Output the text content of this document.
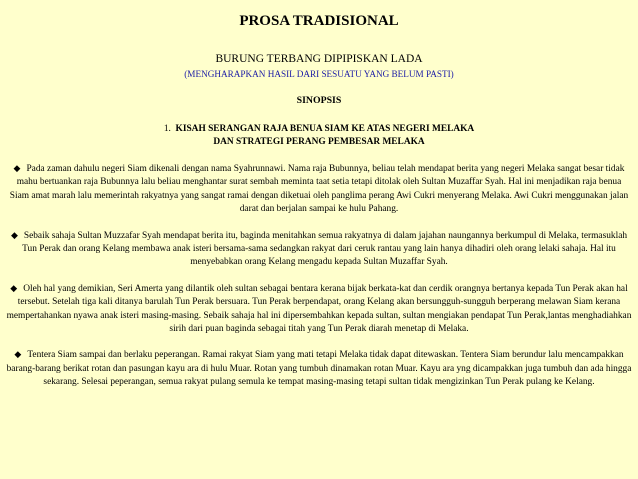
PROSA TRADISIONAL
BURUNG TERBANG DIPIPISKAN LADA
(MENGHARAPKAN HASIL DARI SESUATU YANG BELUM PASTI)
SINOPSIS
1. KISAH SERANGAN RAJA BENUA SIAM KE ATAS NEGERI MELAKA
DAN STRATEGI PERANG PEMBESAR MELAKA
◆ Pada zaman dahulu negeri Siam dikenali dengan nama Syahrunnawi. Nama raja Bubunnya, beliau telah mendapat berita yang negeri Melaka sangat besar tidak mahu bertuankan raja Bubunnya lalu beliau menghantar surat sembah meminta taat setia tetapi ditolak oleh Sultan Muzaffar Syah. Hal ini menjadikan raja benua Siam amat marah lalu memerintah rakyatnya yang sangat ramai dengan diketuai oleh panglima perang Awi Cukri menyerang Melaka. Awi Cukri menggunakan jalan darat dan berjalan sampai ke hulu Pahang.
◆ Sebaik sahaja Sultan Muzzafar Syah mendapat berita itu, baginda menitahkan semua rakyatnya di dalam jajahan naungannya berkumpul di Melaka, termasuklah Tun Perak dan orang Kelang membawa anak isteri bersama-sama sedangkan rakyat dari ceruk rantau yang lain hanya dihadiri oleh orang lelaki sahaja. Hal itu menyebabkan orang Kelang mengadu kepada Sultan Muzaffar Syah.
◆ Oleh hal yang demikian, Seri Amerta yang dilantik oleh sultan sebagai bentara kerana bijak berkata-kat dan cerdik orangnya bertanya kepada Tun Perak akan hal tersebut. Setelah tiga kali ditanya barulah Tun Perak bersuara. Tun Perak berpendapat, orang Kelang akan bersungguh-sungguh berperang melawan Siam kerana mempertahankan nyawa anak isteri masing-masing. Sebaik sahaja hal ini dipersembahkan kepada sultan, sultan mengiakan pendapat Tun Perak,lantas menghadiahkan sirih dari puan baginda sebagai titah yang Tun Perak diarah menetap di Melaka.
◆ Tentera Siam sampai dan berlaku peperangan. Ramai rakyat Siam yang mati tetapi Melaka tidak dapat ditewaskan. Tentera Siam berundur lalu mencampakkan barang-barang berikat rotan dan pasungan kayu ara di hulu Muar. Rotan yang tumbuh dinamakan rotan Muar. Kayu ara yng dicampakkan juga tumbuh dan ada hingga sekarang. Selesai peperangan, semua rakyat pulang semula ke tempat masing-masing tetapi sultan tidak mengizinkan Tun Perak pulang ke Kelang.
